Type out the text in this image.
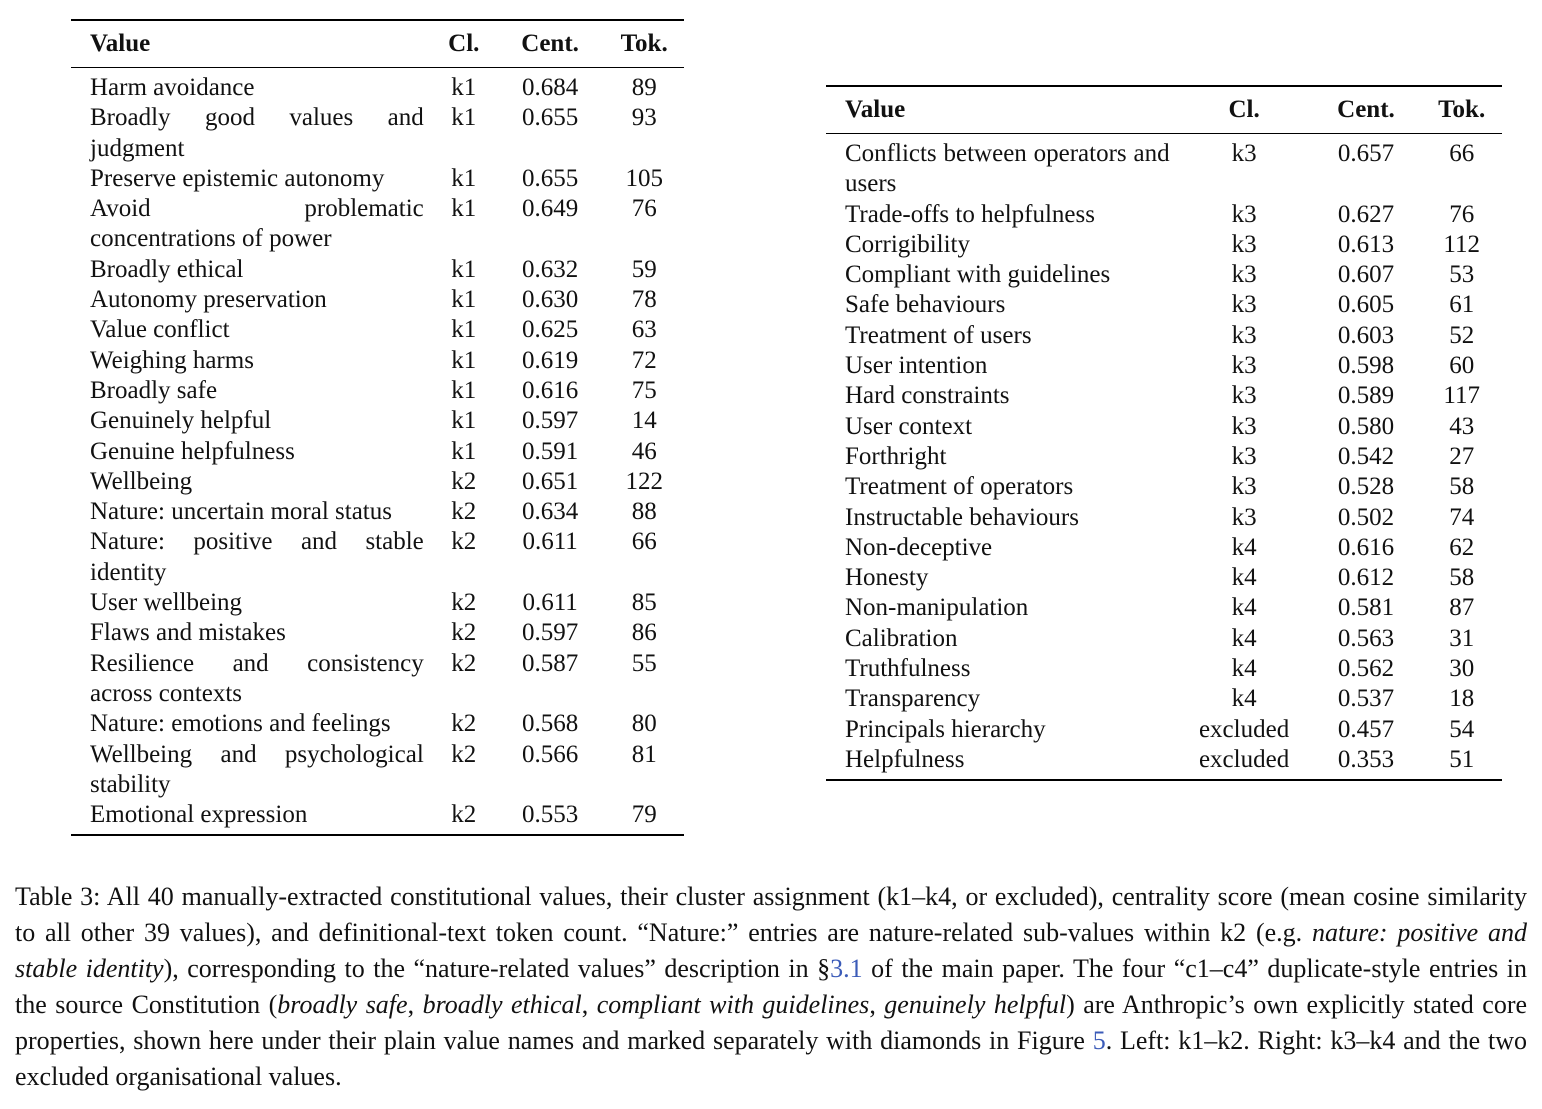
Value	Cl.	Cent.	Tok.
Harm avoidance	k1	0.684	89
Broadly good values and judgment	k1	0.655	93
Preserve epistemic autonomy	k1	0.655	105
Avoid problematic concentrations of power	k1	0.649	76
Broadly ethical	k1	0.632	59
Autonomy preservation	k1	0.630	78
Value conflict	k1	0.625	63
Weighing harms	k1	0.619	72
Broadly safe	k1	0.616	75
Genuinely helpful	k1	0.597	14
Genuine helpfulness	k1	0.591	46
Wellbeing	k2	0.651	122
Nature: uncertain moral status	k2	0.634	88
Nature: positive and stable identity	k2	0.611	66
User wellbeing	k2	0.611	85
Flaws and mistakes	k2	0.597	86
Resilience and consistency across contexts	k2	0.587	55
Nature: emotions and feelings	k2	0.568	80
Wellbeing and psychological stability	k2	0.566	81
Emotional expression	k2	0.553	79
Value	Cl.	Cent.	Tok.
Conflicts between operators and users	k3	0.657	66
Trade-offs to helpfulness	k3	0.627	76
Corrigibility	k3	0.613	112
Compliant with guidelines	k3	0.607	53
Safe behaviours	k3	0.605	61
Treatment of users	k3	0.603	52
User intention	k3	0.598	60
Hard constraints	k3	0.589	117
User context	k3	0.580	43
Forthright	k3	0.542	27
Treatment of operators	k3	0.528	58
Instructable behaviours	k3	0.502	74
Non-deceptive	k4	0.616	62
Honesty	k4	0.612	58
Non-manipulation	k4	0.581	87
Calibration	k4	0.563	31
Truthfulness	k4	0.562	30
Transparency	k4	0.537	18
Principals hierarchy	excluded	0.457	54
Helpfulness	excluded	0.353	51

Table 3: All 40 manually-extracted constitutional values, their cluster assignment (k1–k4, or excluded), centrality score (mean cosine similarity to all other 39 values), and definitional-text token count. “Nature:” entries are nature-related sub-values within k2 (e.g. nature: positive and stable identity), corresponding to the “nature-related values” description in §3.1 of the main paper. The four “c1–c4” duplicate-style entries in the source Constitution (broadly safe, broadly ethical, compliant with guidelines, genuinely helpful) are Anthropic’s own explicitly stated core properties, shown here under their plain value names and marked separately with diamonds in Figure 5. Left: k1–k2. Right: k3–k4 and the two excluded organisational values.
